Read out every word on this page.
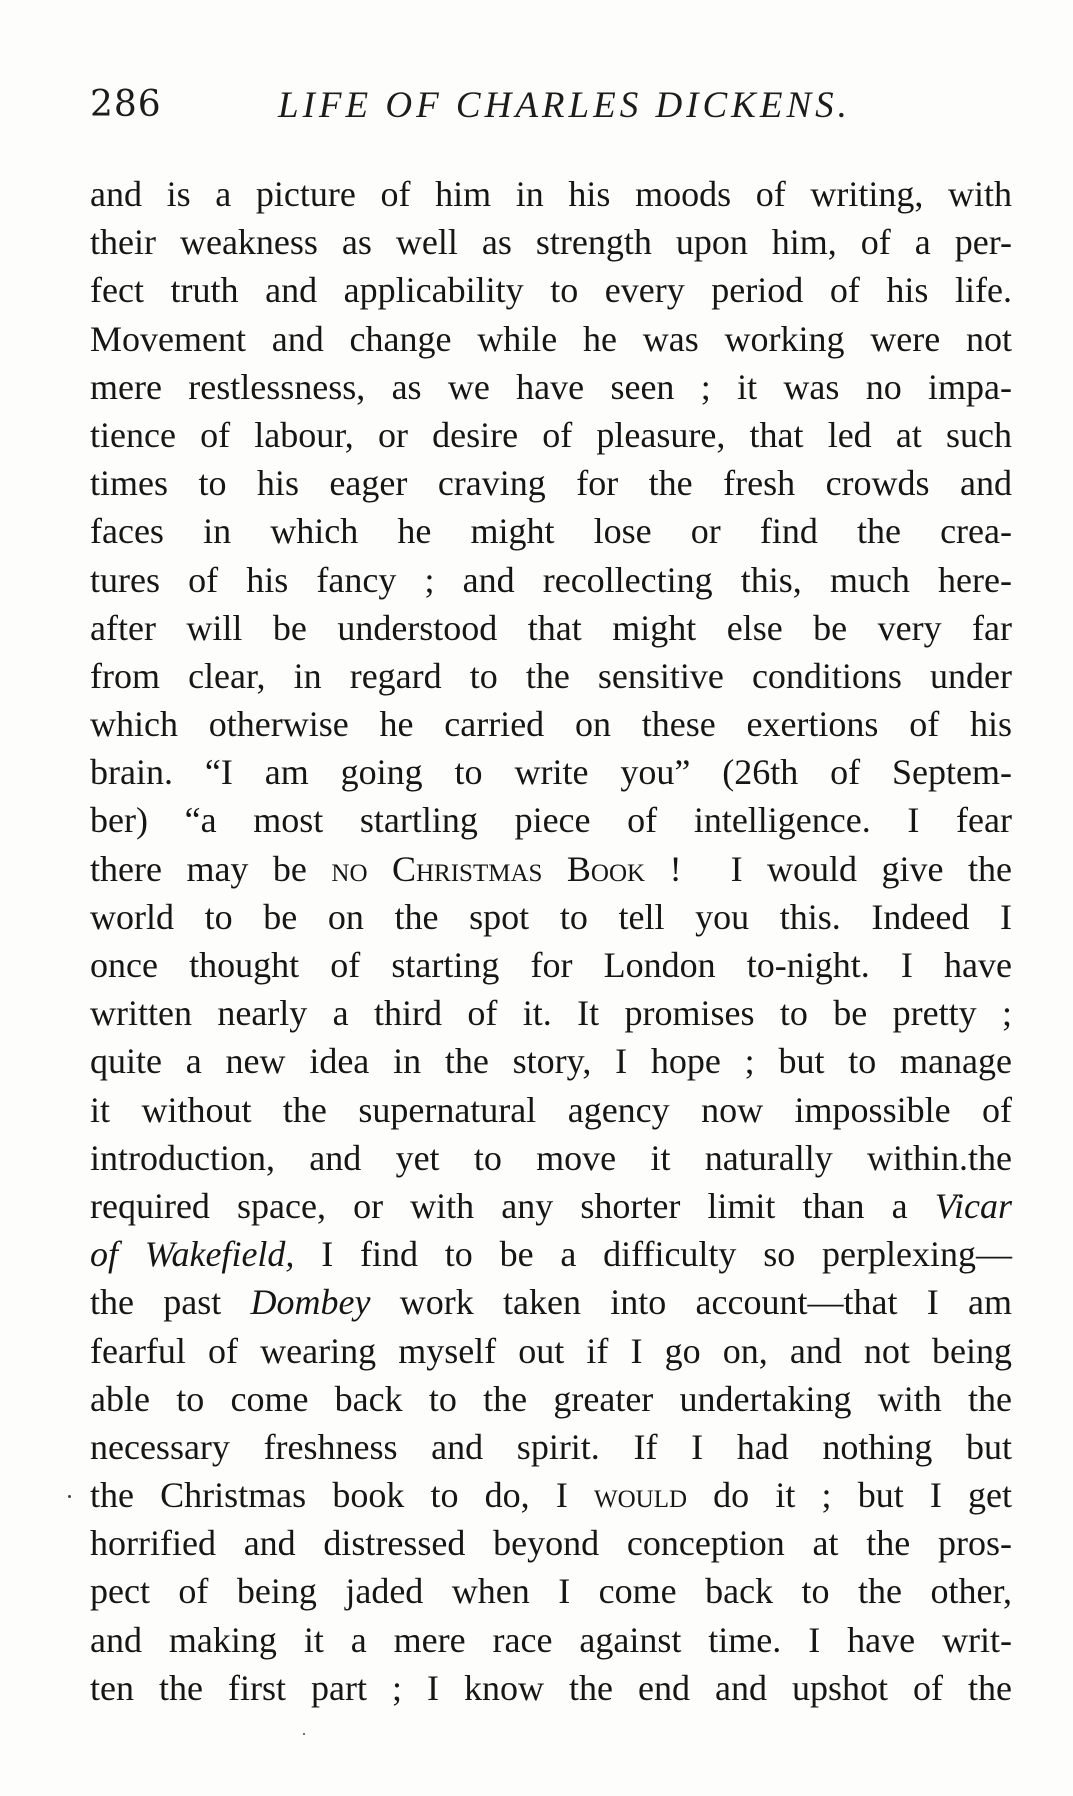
286	LIFE OF CHARLES DICKENS.
and is a picture of him in his moods of writing, with
their weakness as well as strength upon him, of a per-
fect truth and applicability to every period of his life.
Movement and change while he was working were not
mere restlessness, as we have seen ; it was no impa-
tience of labour, or desire of pleasure, that led at such
times to his eager craving for the fresh crowds and
faces in which he might lose or find the crea-
tures of his fancy ; and recollecting this, much here-
after will be understood that might else be very far
from clear, in regard to the sensitive conditions under
which otherwise he carried on these exertions of his
brain. “I am going to write you” (26th of Septem-
ber) “a most startling piece of intelligence. I fear
there may be no Christmas Book !  I would give the
world to be on the spot to tell you this. Indeed I
once thought of starting for London to-night. I have
written nearly a third of it. It promises to be pretty ;
quite a new idea in the story, I hope ; but to manage
it without the supernatural agency now impossible of
introduction, and yet to move it naturally within.the
required space, or with any shorter limit than a Vicar
of Wakefield, I find to be a difficulty so perplexing—
the past Dombey work taken into account—that I am
fearful of wearing myself out if I go on, and not being
able to come back to the greater undertaking with the
necessary freshness and spirit. If I had nothing but
the Christmas book to do, I would do it ; but I get
horrified and distressed beyond conception at the pros-
pect of being jaded when I come back to the other,
and making it a mere race against time. I have writ-
ten the first part ; I know the end and upshot of the
